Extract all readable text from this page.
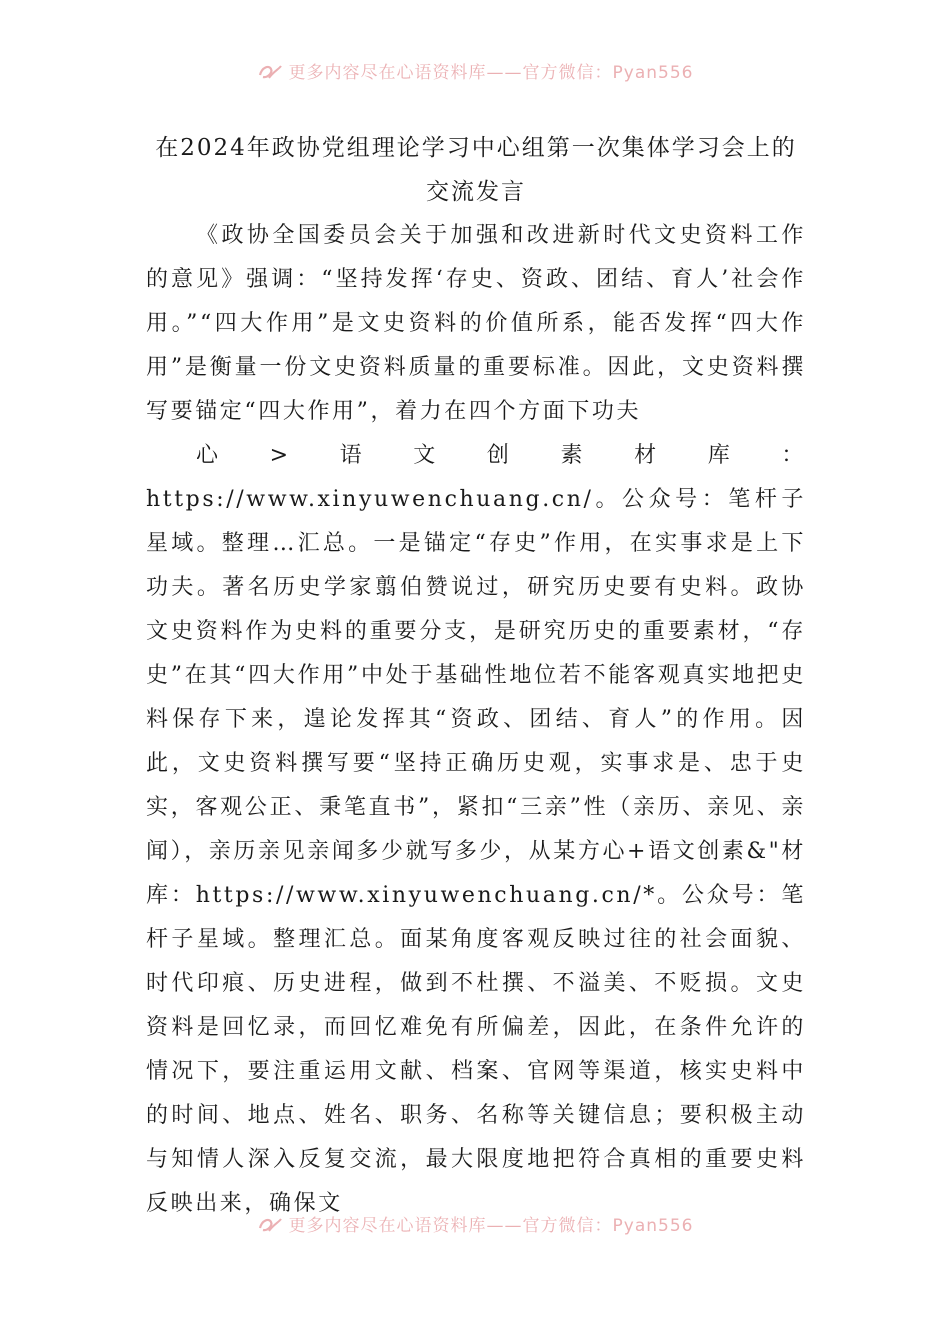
更多内容尽在心语资料库——官方微信：Pyan556

在2024年政协党组理论学习中心组第一次集体学习会上的

交流发言

《政协全国委员会关于加强和改进新时代文史资料工作的意见》强调：“坚持发挥‘存史、资政、团结、育人’社会作用。”“四大作用”是文史资料的价值所系，能否发挥“四大作用”是衡量一份文史资料质量的重要标准。因此，文史资料撰写要锚定“四大作用”，着力在四个方面下功夫

心>语文创素材库：https://www.xinyuwenchuang.cn/。公众号：笔杆子星域。整理…汇总。一是锚定“存史”作用，在实事求是上下功夫。著名历史学家翦伯赞说过，研究历史要有史料。政协文史资料作为史料的重要分支，是研究历史的重要素材，“存史”在其“四大作用”中处于基础性地位若不能客观真实地把史料保存下来，遑论发挥其“资政、团结、育人”的作用。因此，文史资料撰写要“坚持正确历史观，实事求是、忠于史实，客观公正、秉笔直书”，紧扣“三亲”性（亲历、亲见、亲闻），亲历亲见亲闻多少就写多少，从某方心+语文创素&"材库：https://www.xinyuwenchuang.cn/*。公众号：笔杆子星域。整理汇总。面某角度客观反映过往的社会面貌、时代印痕、历史进程，做到不杜撰、不溢美、不贬损。文史资料是回忆录，而回忆难免有所偏差，因此，在条件允许的情况下，要注重运用文献、档案、官网等渠道，核实史料中的时间、地点、姓名、职务、名称等关键信息；要积极主动与知情人深入反复交流，最大限度地把符合真相的重要史料反映出来，确保文

更多内容尽在心语资料库——官方微信：Pyan556
